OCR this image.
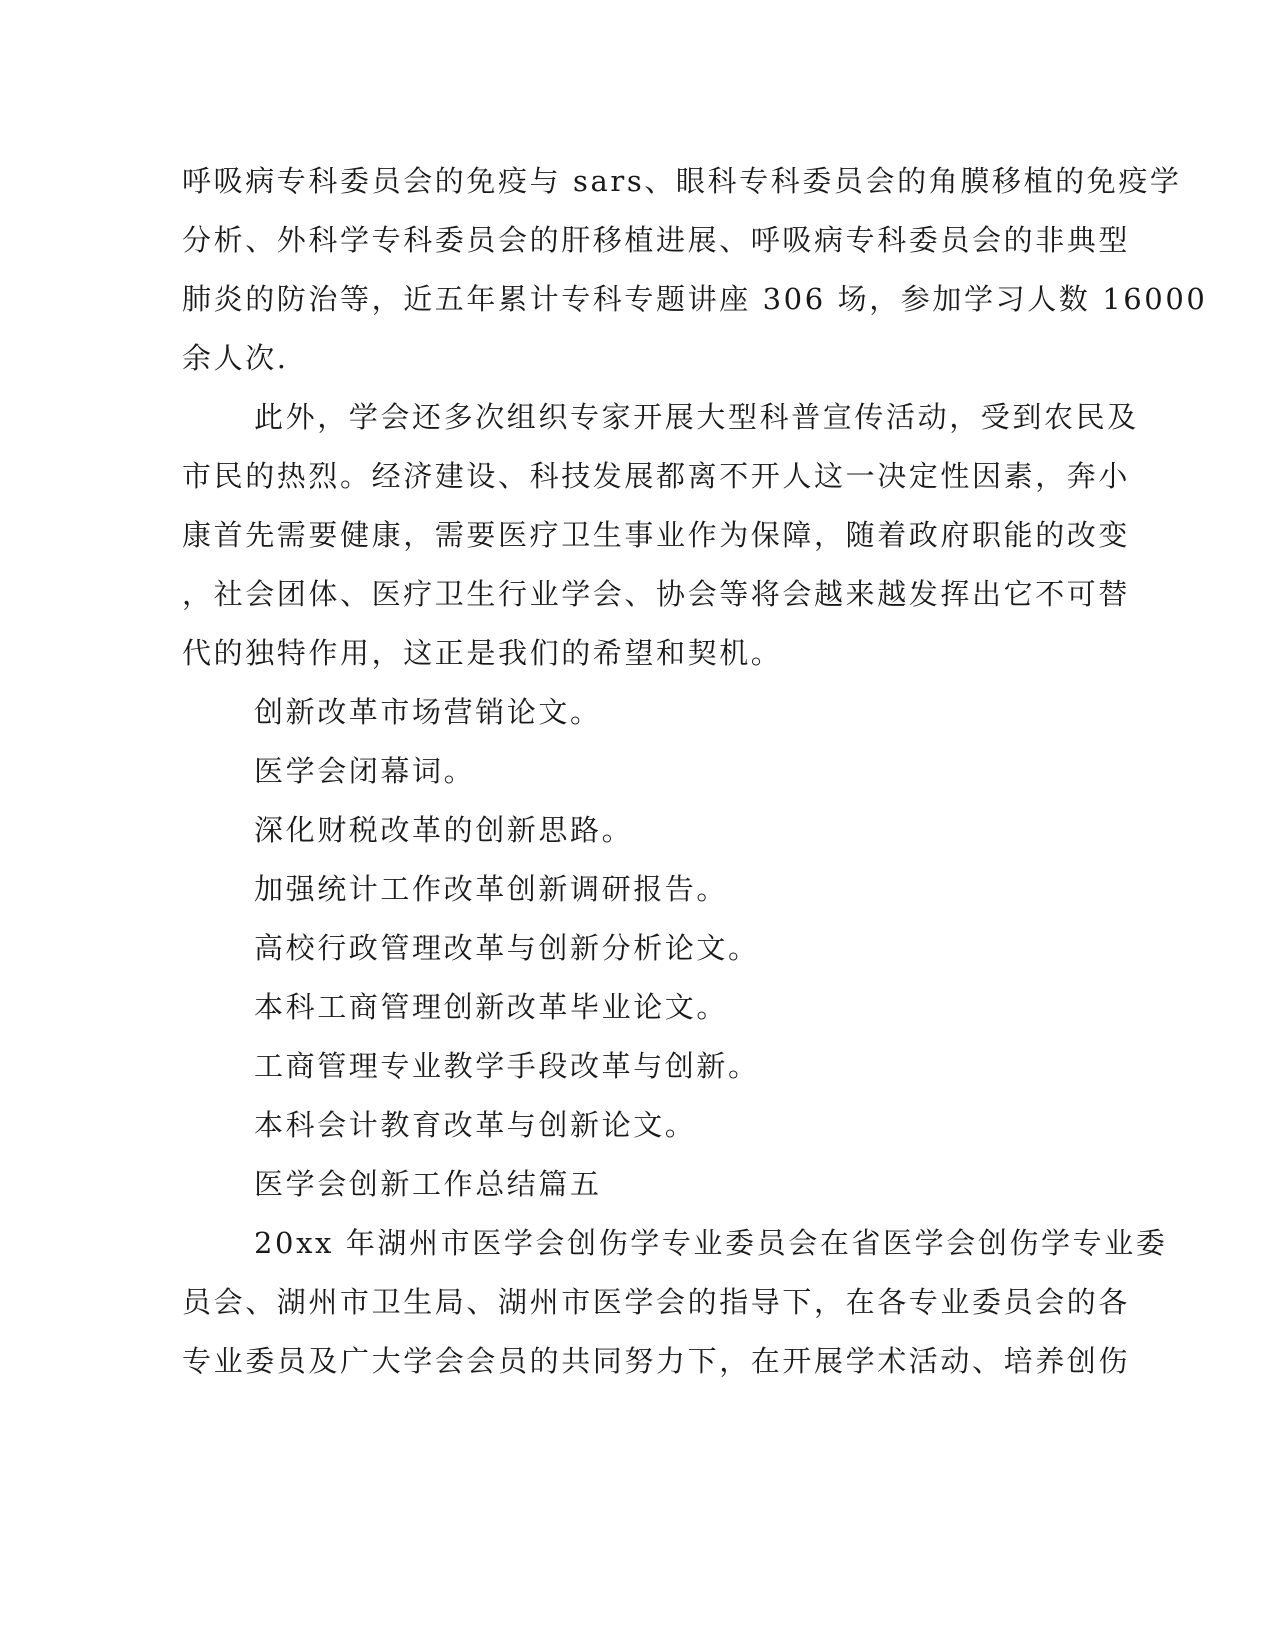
呼吸病专科委员会的免疫与 sars、眼科专科委员会的角膜移植的免疫学
分析、外科学专科委员会的肝移植进展、呼吸病专科委员会的非典型
肺炎的防治等，近五年累计专科专题讲座 306 场，参加学习人数 16000
余人次.
此外，学会还多次组织专家开展大型科普宣传活动，受到农民及
市民的热烈。经济建设、科技发展都离不开人这一决定性因素，奔小
康首先需要健康，需要医疗卫生事业作为保障，随着政府职能的改变
，社会团体、医疗卫生行业学会、协会等将会越来越发挥出它不可替
代的独特作用，这正是我们的希望和契机。
创新改革市场营销论文。
医学会闭幕词。
深化财税改革的创新思路。
加强统计工作改革创新调研报告。
高校行政管理改革与创新分析论文。
本科工商管理创新改革毕业论文。
工商管理专业教学手段改革与创新。
本科会计教育改革与创新论文。
医学会创新工作总结篇五
20xx 年湖州市医学会创伤学专业委员会在省医学会创伤学专业委
员会、湖州市卫生局、湖州市医学会的指导下，在各专业委员会的各
专业委员及广大学会会员的共同努力下，在开展学术活动、培养创伤
